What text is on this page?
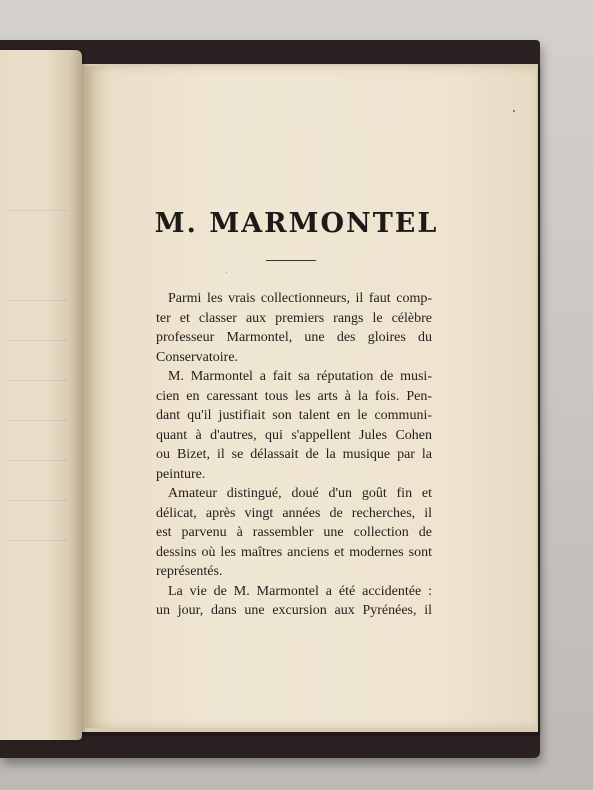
M. MARMONTEL
Parmi les vrais collectionneurs, il faut comp-
ter et classer aux premiers rangs le célèbre
professeur Marmontel, une des gloires du
Conservatoire.
M. Marmontel a fait sa réputation de musi-
cien en caressant tous les arts à la fois. Pen-
dant qu'il justifiait son talent en le communi-
quant à d'autres, qui s'appellent Jules Cohen
ou Bizet, il se délassait de la musique par la
peinture.
Amateur distingué, doué d'un goût fin et
délicat, après vingt années de recherches, il
est parvenu à rassembler une collection de
dessins où les maîtres anciens et modernes sont
représentés.
La vie de M. Marmontel a été accidentée :
un jour, dans une excursion aux Pyrénées, il
